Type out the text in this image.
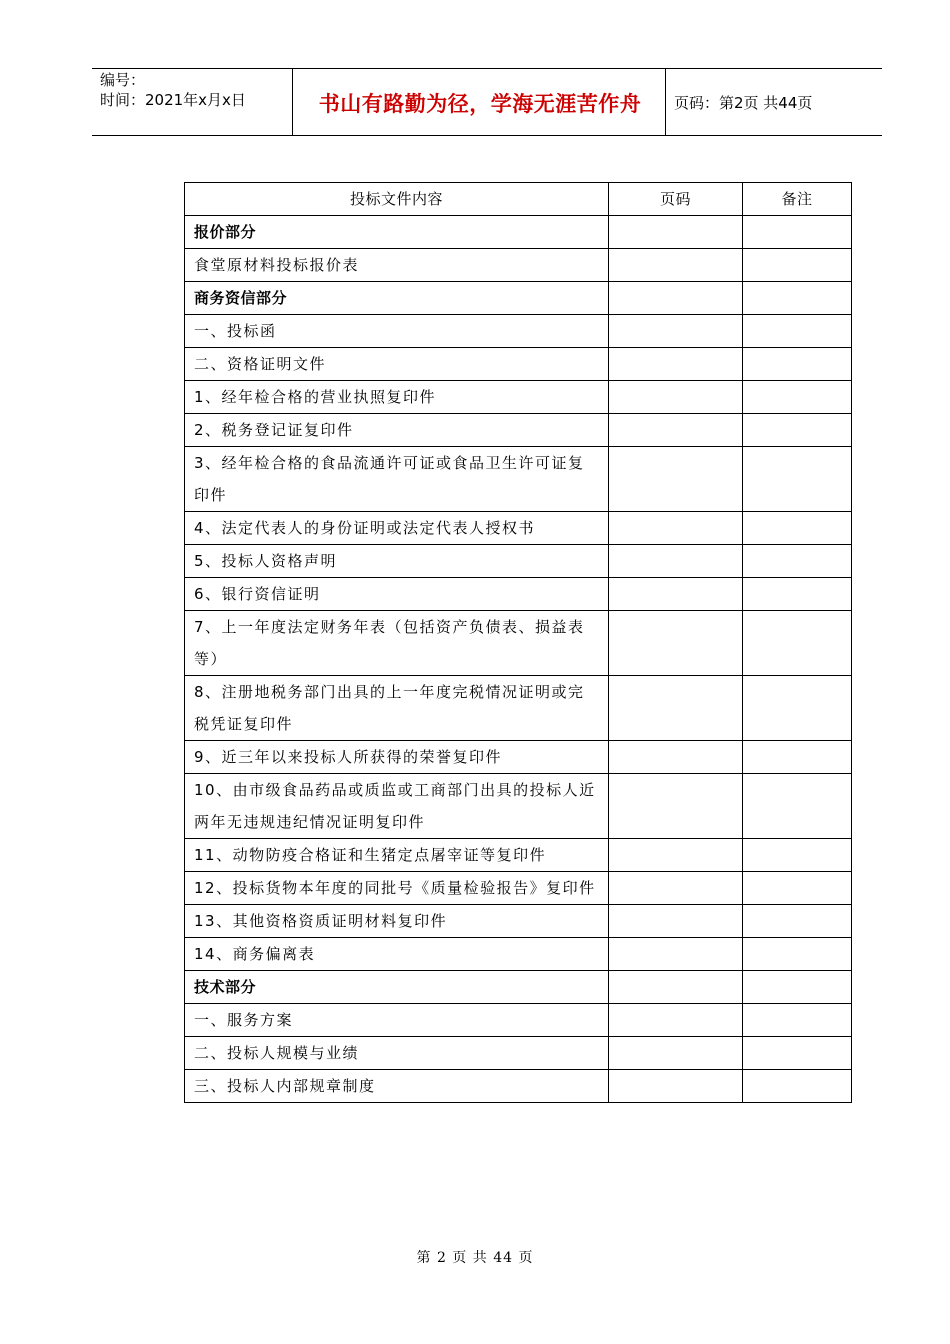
编号：
时间：2021年x月x日	书山有路勤为径，学海无涯苦作舟	页码：第2页 共44页
投标文件内容	页码	备注
报价部分		
食堂原材料投标报价表		
商务资信部分		
一、投标函		
二、资格证明文件		
1、经年检合格的营业执照复印件		
2、税务登记证复印件		
3、经年检合格的食品流通许可证或食品卫生许可证复印件		
4、法定代表人的身份证明或法定代表人授权书		
5、投标人资格声明		
6、银行资信证明		
7、上一年度法定财务年表（包括资产负债表、损益表等）		
8、注册地税务部门出具的上一年度完税情况证明或完税凭证复印件		
9、近三年以来投标人所获得的荣誉复印件		
10、由市级食品药品或质监或工商部门出具的投标人近两年无违规违纪情况证明复印件		
11、动物防疫合格证和生猪定点屠宰证等复印件		
12、投标货物本年度的同批号《质量检验报告》复印件		
13、其他资格资质证明材料复印件		
14、商务偏离表		
技术部分		
一、服务方案		
二、投标人规模与业绩		
三、投标人内部规章制度		
第 2 页 共 44 页
